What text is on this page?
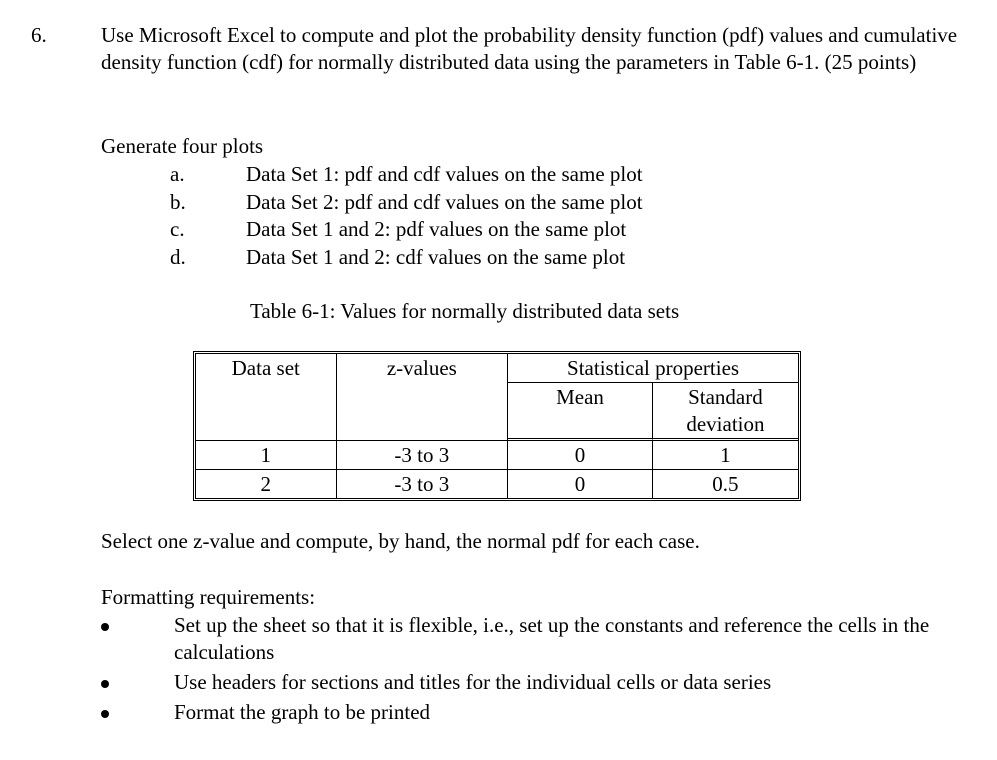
6.	Use Microsoft Excel to compute and plot the probability density function (pdf) values and cumulative density function (cdf) for normally distributed data using the parameters in Table 6-1. (25 points)

Generate four plots
a.	Data Set 1: pdf and cdf values on the same plot
b.	Data Set 2: pdf and cdf values on the same plot
c.	Data Set 1 and 2: pdf values on the same plot
d.	Data Set 1 and 2: cdf values on the same plot
Table 6-1: Values for normally distributed data sets
Data set	z-values	Statistical properties	
		Mean	Standard deviation
1	-3 to 3	0	1
2	-3 to 3	0	0.5
Select one z-value and compute, by hand, the normal pdf for each case.
Formatting requirements:
Set up the sheet so that it is flexible, i.e., set up the constants and reference the cells in the calculations
Use headers for sections and titles for the individual cells or data series
Format the graph to be printed
